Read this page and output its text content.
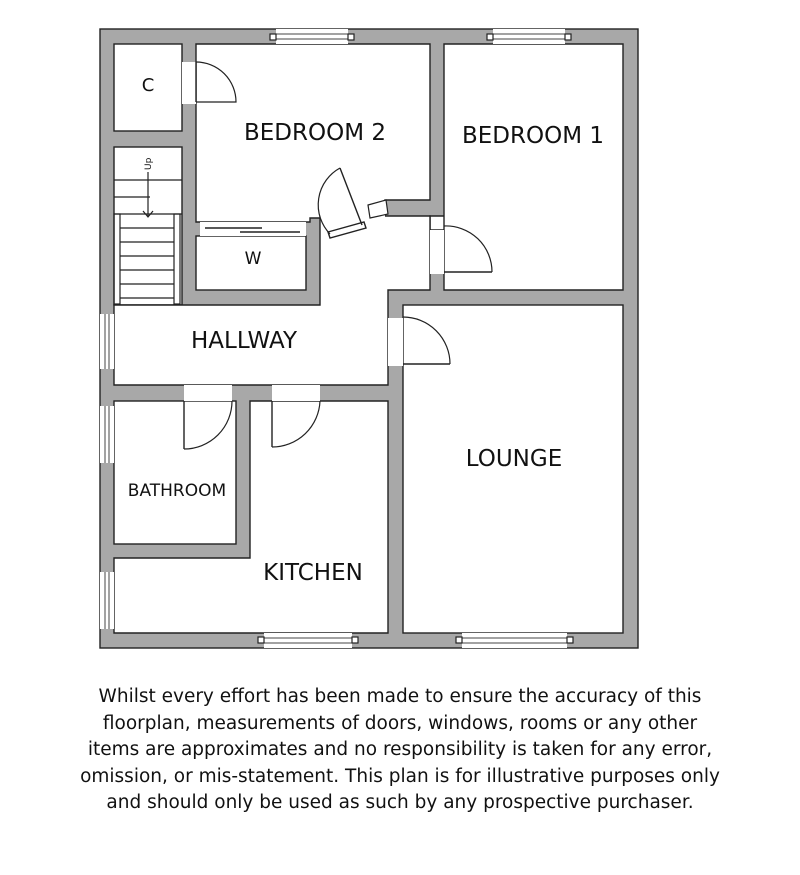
Up
C
BEDROOM 2	BEDROOM 1
W
HALLWAY
BATHROOM
KITCHEN
LOUNGE

Whilst every effort has been made to ensure the accuracy of this floorplan, measurements of doors, windows, rooms or any other items are approximates and no responsibility is taken for any error, omission, or mis-statement. This plan is for illustrative purposes only and should only be used as such by any prospective purchaser.
